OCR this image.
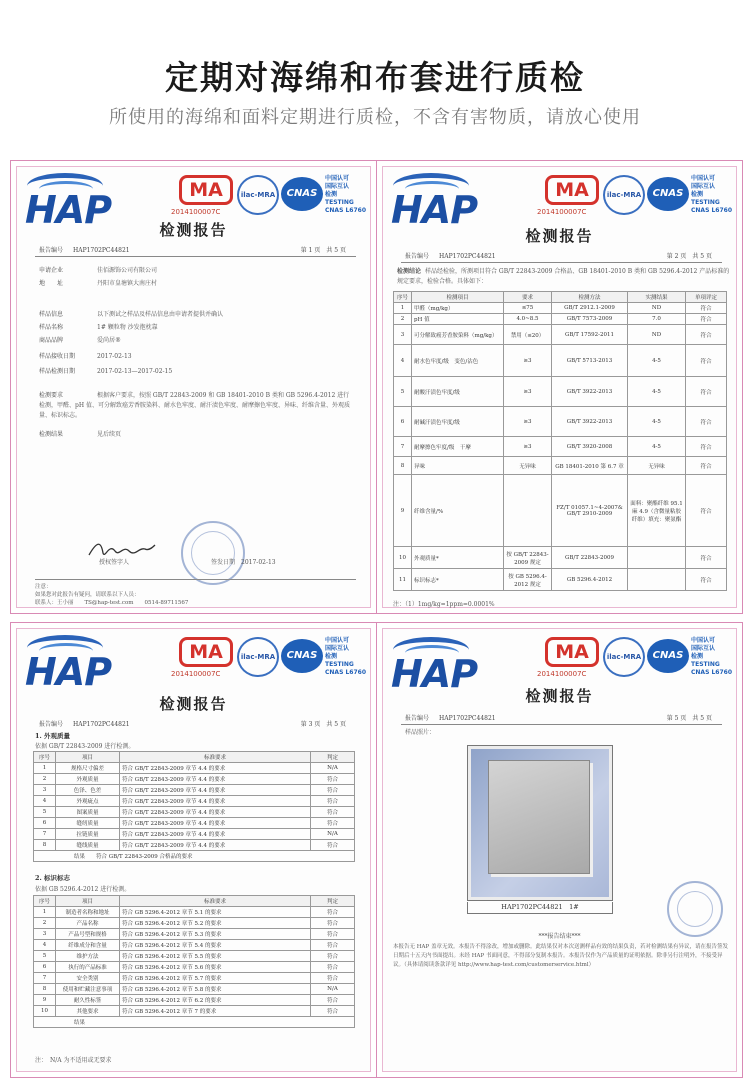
定期对海绵和布套进行质检
所使用的海绵和面料定期进行质检，不含有害物质，请放心使用
HAP	MA
2014100007C
ilac-MRA	CNAS
中国认可
国际互认
检测
TESTING
CNAS L6760
检测报告
报告编号 HAP1702PC44821	第 1 页　共 5 页
申请企业	佳佰源饰公司有限公司
地　　址	丹阳市皇塘镇大南庄村
样品信息	以下测试之样品及样品信息由申请者提供并确认
样品名称	1# 颗粒物 沙发抱枕靠
商品品牌	爱尚居®
样品接收日期	2017-02-13
样品检测日期	2017-02-13—2017-02-15
检测要求	根据客户要求，按照 GB/T 22843-2009 和 GB 18401-2010 B 类和 GB 5296.4-2012 进行检测，甲醛、pH 值、可分解致癌芳香胺染料、耐水色牢度、耐汗渍色牢度、耐摩擦色牢度、异味、纤维含量、外观质量、标识标志。
检测结果	见后续页
授权签字人	签发日期　 2017-02-13
注意：
如果您对此报告有疑问，请联系以下人员：
联系人：王小丽　　TS@hap-test.com　　0514-89711567
HAP	MA
2014100007C
ilac-MRA	CNAS
中国认可
国际互认
检测
TESTING
CNAS L6760
检测报告
报告编号 HAP1702PC44821	第 2 页　共 5 页
检测结论 样品经检验，所测项目符合 GB/T 22843-2009 合格品、GB 18401-2010 B 类和 GB 5296.4-2012 产品标准的规定要求，检验合格。具体如下：
序号	检测项目	要求	检测方法	实测结果	单项评定
1	甲醛（mg/kg）	≤75	GB/T 2912.1-2009	ND	符合
2	pH 值	4.0~8.5	GB/T 7573-2009	7.0	符合
3	可分解致癌芳香胺染料（mg/kg）	禁用（≤20）	GB/T 17592-2011	ND	符合
4	耐水色牢度/级　变色/沾色	≥3	GB/T 5713-2013	4-5	符合
5	耐酸汗渍色牢度/级	≥3	GB/T 3922-2013	4-5	符合
6	耐碱汗渍色牢度/级	≥3	GB/T 3922-2013	4-5	符合
7	耐摩擦色牢度/级　干摩	≥3	GB/T 3920-2008	4-5	符合
8	异味	无异味	GB 18401-2010 第 6.7 章	无异味	符合
9	纤维含量/%		FZ/T 01057.1~4-2007& GB/T 2910-2009	面料：聚酯纤维 95.1 麻 4.9（含微量粘胶纤维）填充：聚氨酯	符合
10	外观质量*	按 GB/T 22843-2009 规定	GB/T 22843-2009		符合
11	标识标志*	按 GB 5296.4-2012 规定	GB 5296.4-2012		符合
注：（1）1mg/kg=1ppm=0.0001%
HAP	MA
2014100007C
ilac-MRA	CNAS
中国认可
国际互认
检测
TESTING
CNAS L6760
检测报告
报告编号 HAP1702PC44821	第 3 页　共 5 页
1. 外观质量
依据 GB/T 22843-2009 进行检测。
序号	项目	标准要求	判定
1	规格尺寸偏差	符合 GB/T 22843-2009 章节 4.4 的要求	N/A
2	外观质量	符合 GB/T 22843-2009 章节 4.4 的要求	符合
3	色泽、色差	符合 GB/T 22843-2009 章节 4.4 的要求	符合
4	外观疵点	符合 GB/T 22843-2009 章节 4.4 的要求	符合
5	图案质量	符合 GB/T 22843-2009 章节 4.4 的要求	符合
6	缝纫质量	符合 GB/T 22843-2009 章节 4.4 的要求	符合
7	拉链质量	符合 GB/T 22843-2009 章节 4.4 的要求	N/A
8	缝线质量	符合 GB/T 22843-2009 章节 4.4 的要求	符合
结果　　符合 GB/T 22843-2009 合格品的要求			
2. 标识标志
依据 GB 5296.4-2012 进行检测。
序号	项目	标准要求	判定
1	制造者名称和地址	符合 GB 5296.4-2012 章节 5.1 的要求	符合
2	产品名称	符合 GB 5296.4-2012 章节 5.2 的要求	符合
3	产品号型和规格	符合 GB 5296.4-2012 章节 5.3 的要求	符合
4	纤维成分和含量	符合 GB 5296.4-2012 章节 5.4 的要求	符合
5	维护方法	符合 GB 5296.4-2012 章节 5.5 的要求	符合
6	执行的产品标准	符合 GB 5296.4-2012 章节 5.6 的要求	符合
7	安全类别	符合 GB 5296.4-2012 章节 5.7 的要求	符合
8	使用和贮藏注意事项	符合 GB 5296.4-2012 章节 5.8 的要求	N/A
9	耐久性标签	符合 GB 5296.4-2012 章节 6.2 的要求	符合
10	其他要求	符合 GB 5296.4-2012 章节 7 的要求	符合
结果			
注：　N/A 为不适用或无要求
HAP	MA
2014100007C
ilac-MRA	CNAS
中国认可
国际互认
检测
TESTING
CNAS L6760
检测报告
报告编号 HAP1702PC44821	第 5 页　共 5 页
样品照片：
HAP1702PC44821　1#
***报告结束***
本报告无 HAP 盖章无效。本报告不得涂改，增加或删除。此结果仅对本次送测样品有效的结果负责，若对检测结果有异议，请在报告签发日期后十五天内书面提出。未经 HAP 书面同意，不得部分复制本报告。本报告仅作为产品质量的证明依据。除非另行注明外，不接受异议。（具体请阅读条款详见 http://www.hap-test.com/customerservice.html）
